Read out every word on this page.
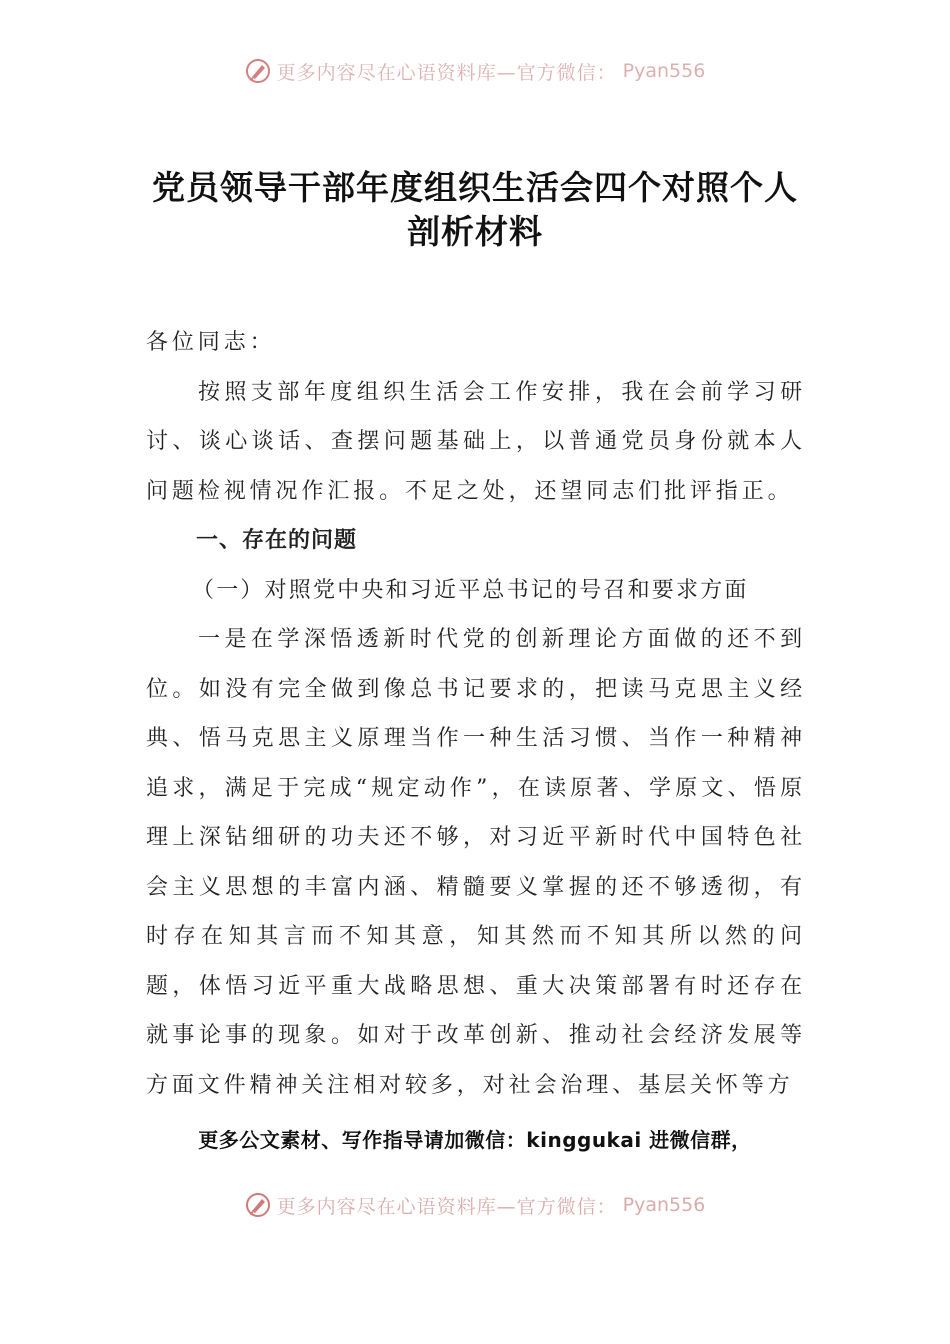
更多内容尽在心语资料库—官方微信： Pyan556
党员领导干部年度组织生活会四个对照个人剖析材料

各位同志：

按照支部年度组织生活会工作安排，我在会前学习研讨、谈心谈话、查摆问题基础上，以普通党员身份就本人问题检视情况作汇报。不足之处，还望同志们批评指正。

一、存在的问题

（一）对照党中央和习近平总书记的号召和要求方面

一是在学深悟透新时代党的创新理论方面做的还不到位。如没有完全做到像总书记要求的，把读马克思主义经典、悟马克思主义原理当作一种生活习惯、当作一种精神追求，满足于完成“规定动作”，在读原著、学原文、悟原理上深钻细研的功夫还不够，对习近平新时代中国特色社会主义思想的丰富内涵、精髓要义掌握的还不够透彻，有时存在知其言而不知其意，知其然而不知其所以然的问题，体悟习近平重大战略思想、重大决策部署有时还存在就事论事的现象。如对于改革创新、推动社会经济发展等方面文件精神关注相对较多，对社会治理、基层关怀等方

更多公文素材、写作指导请加微信：kinggukai 进微信群，
更多内容尽在心语资料库—官方微信： Pyan556
